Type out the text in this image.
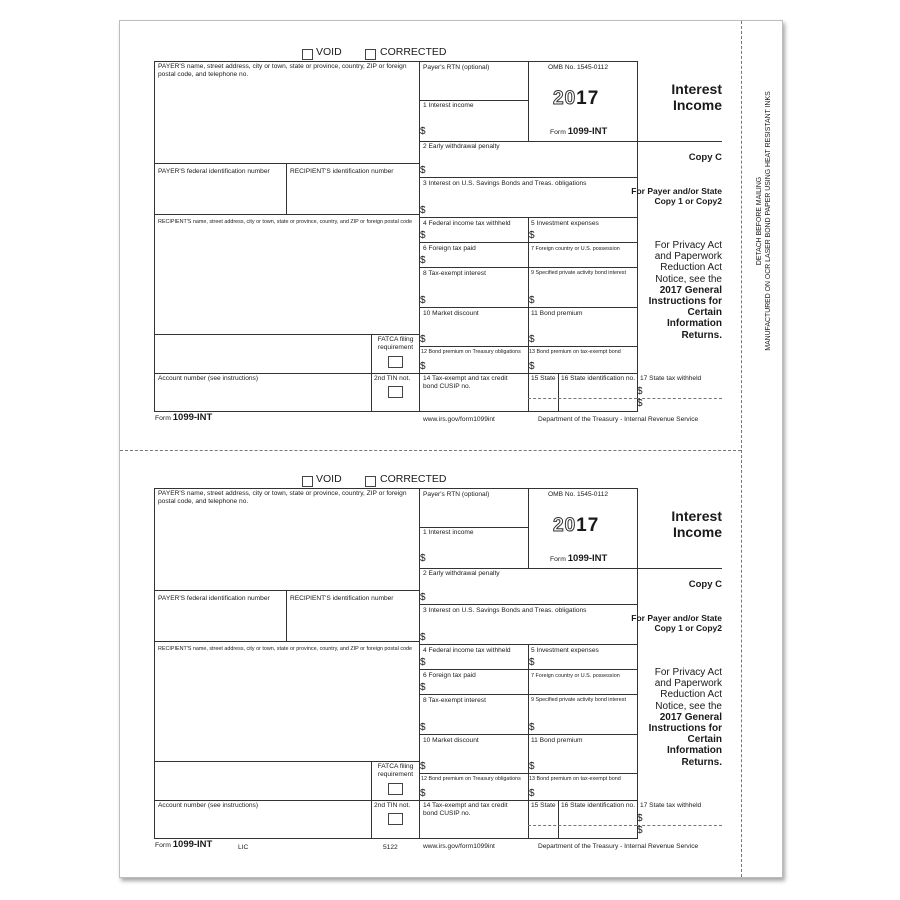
DETACH BEFORE MAILING MANUFACTURED ON OCR LASER BOND PAPER USING HEAT RESISTANT INKS
VOID	CORRECTED
PAYER'S name, street address, city or town, state or province, country, ZIP or foreign postal code, and telephone no.
PAYER'S federal identification number	RECIPIENT'S identification number
RECIPIENT'S name, street address, city or town, state or province, country, and ZIP or foreign postal code
FATCA filing requirement
Account number (see instructions)	2nd TIN not.
Payer's RTN (optional)
1 Interest income
$
2 Early withdrawal penalty
$
3 Interest on U.S. Savings Bonds and Treas. obligations
$
4 Federal income tax withheld
$
5 Investment expenses
$
6 Foreign tax paid
$
7 Foreign country or U.S. possession
8 Tax-exempt interest
$
9 Specified private activity bond interest
$
10 Market discount
$
11 Bond premium
$
12 Bond premium on Treasury obligations
$
13 Bond premium on tax-exempt bond
$
14 Tax-exempt and tax credit bond CUSIP no.
15 State 16 State identification no.
OMB No. 1545-0112
2017
Form 1099-INT
Interest Income
Copy C
For Payer and/or State Copy 1 or Copy2
For Privacy Act and Paperwork Reduction Act Notice, see the 2017 General Instructions for Certain Information Returns.
17 State tax withheld
$
$
Form 1099-INT	www.irs.gov/form1099int	Department of the Treasury - Internal Revenue Service
VOID	CORRECTED
PAYER'S name, street address, city or town, state or province, country, ZIP or foreign postal code, and telephone no.
PAYER'S federal identification number	RECIPIENT'S identification number
RECIPIENT'S name, street address, city or town, state or province, country, and ZIP or foreign postal code
FATCA filing requirement
Account number (see instructions)	2nd TIN not.
Payer's RTN (optional)
1 Interest income
$
2 Early withdrawal penalty
$
3 Interest on U.S. Savings Bonds and Treas. obligations
$
4 Federal income tax withheld
$
5 Investment expenses
$
6 Foreign tax paid
$
7 Foreign country or U.S. possession
8 Tax-exempt interest
$
9 Specified private activity bond interest
$
10 Market discount
$
11 Bond premium
$
12 Bond premium on Treasury obligations
$
13 Bond premium on tax-exempt bond
$
14 Tax-exempt and tax credit bond CUSIP no.
15 State 16 State identification no.
OMB No. 1545-0112
2017
Form 1099-INT
Interest Income
Copy C
For Payer and/or State Copy 1 or Copy2
For Privacy Act and Paperwork Reduction Act Notice, see the 2017 General Instructions for Certain Information Returns.
17 State tax withheld
$
$
Form 1099-INT	LIC	5122	www.irs.gov/form1099int	Department of the Treasury - Internal Revenue Service
